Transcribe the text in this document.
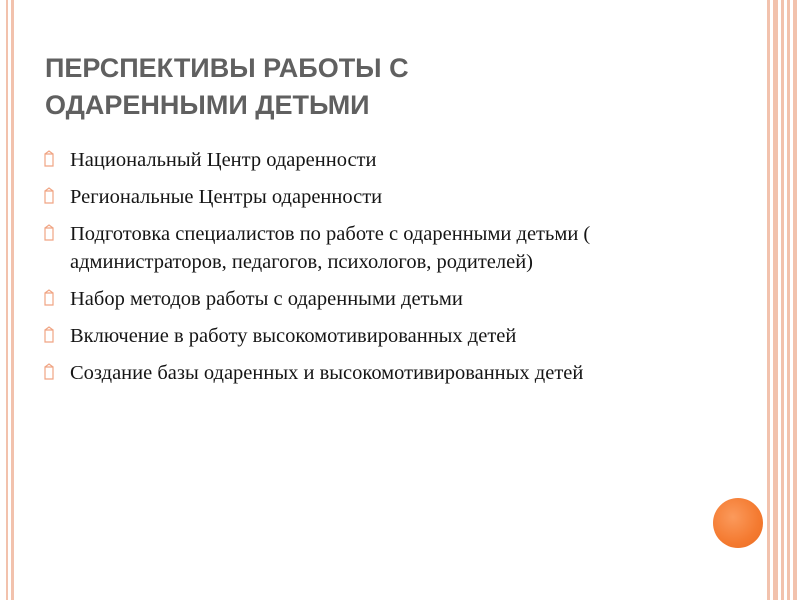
ПЕРСПЕКТИВЫ РАБОТЫ С
ОДАРЕННЫМИ ДЕТЬМИ
Национальный Центр одаренности
Региональные Центры одаренности
Подготовка специалистов по работе с одаренными детьми ( администраторов, педагогов, психологов, родителей)
Набор методов работы с одаренными детьми
Включение в работу высокомотивированных детей
Создание базы одаренных и высокомотивированных детей
